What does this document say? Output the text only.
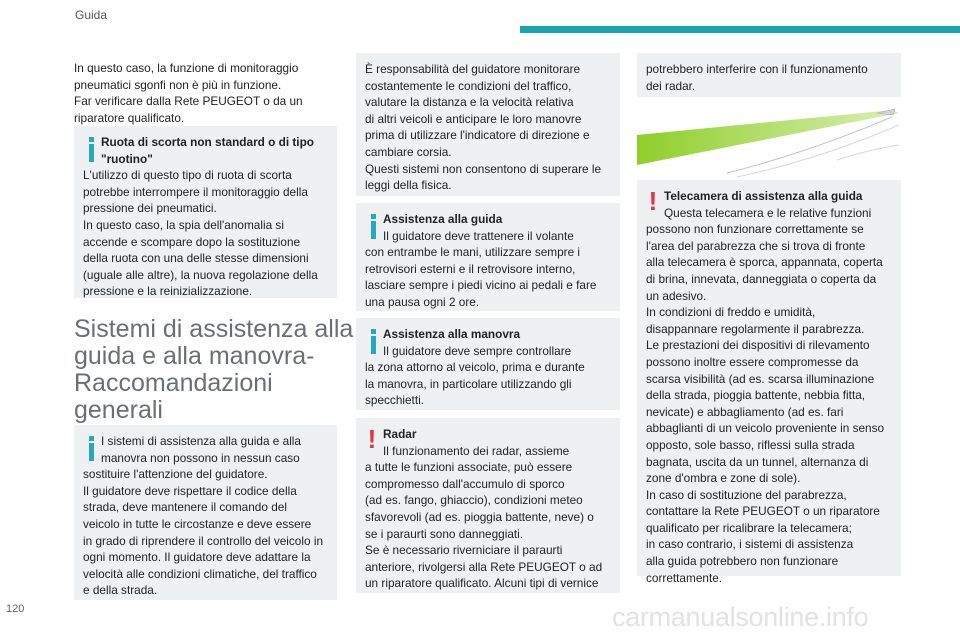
Guida
In questo caso, la funzione di monitoraggio
pneumatici sgonfi non è più in funzione.
Far verificare dalla Rete PEUGEOT o da un
riparatore qualificato.
Ruota di scorta non standard o di tipo
"ruotino"
L'utilizzo di questo tipo di ruota di scorta
potrebbe interrompere il monitoraggio della
pressione dei pneumatici.
In questo caso, la spia dell'anomalia si
accende e scompare dopo la sostituzione
della ruota con una delle stesse dimensioni
(uguale alle altre), la nuova regolazione della
pressione e la reinizializzazione.
Sistemi di assistenza alla
guida e alla manovra-
Raccomandazioni
generali
I sistemi di assistenza alla guida e alla
manovra non possono in nessun caso
sostituire l'attenzione del guidatore.
Il guidatore deve rispettare il codice della
strada, deve mantenere il comando del
veicolo in tutte le circostanze e deve essere
in grado di riprendere il controllo del veicolo in
ogni momento. Il guidatore deve adattare la
velocità alle condizioni climatiche, del traffico
e della strada.
È responsabilità del guidatore monitorare
costantemente le condizioni del traffico,
valutare la distanza e la velocità relativa
di altri veicoli e anticipare le loro manovre
prima di utilizzare l'indicatore di direzione e
cambiare corsia.
Questi sistemi non consentono di superare le
leggi della fisica.
Assistenza alla guida
Il guidatore deve trattenere il volante
con entrambe le mani, utilizzare sempre i
retrovisori esterni e il retrovisore interno,
lasciare sempre i piedi vicino ai pedali e fare
una pausa ogni 2 ore.
Assistenza alla manovra
Il guidatore deve sempre controllare
la zona attorno al veicolo, prima e durante
la manovra, in particolare utilizzando gli
specchietti.
! Radar
Il funzionamento dei radar, assieme
a tutte le funzioni associate, può essere
compromesso dall'accumulo di sporco
(ad es. fango, ghiaccio), condizioni meteo
sfavorevoli (ad es. pioggia battente, neve) o
se i paraurti sono danneggiati.
Se è necessario riverniciare il paraurti
anteriore, rivolgersi alla Rete PEUGEOT o ad
un riparatore qualificato. Alcuni tipi di vernice
potrebbero interferire con il funzionamento
dei radar.
! Telecamera di assistenza alla guida
Questa telecamera e le relative funzioni
possono non funzionare correttamente se
l'area del parabrezza che si trova di fronte
alla telecamera è sporca, appannata, coperta
di brina, innevata, danneggiata o coperta da
un adesivo.
In condizioni di freddo e umidità,
disappannare regolarmente il parabrezza.
Le prestazioni dei dispositivi di rilevamento
possono inoltre essere compromesse da
scarsa visibilità (ad es. scarsa illuminazione
della strada, pioggia battente, nebbia fitta,
nevicate) e abbagliamento (ad es. fari
abbaglianti di un veicolo proveniente in senso
opposto, sole basso, riflessi sulla strada
bagnata, uscita da un tunnel, alternanza di
zone d'ombra e zone di sole).
In caso di sostituzione del parabrezza,
contattare la Rete PEUGEOT o un riparatore
qualificato per ricalibrare la telecamera;
in caso contrario, i sistemi di assistenza
alla guida potrebbero non funzionare
correttamente.
120	carmanualsonline.info
